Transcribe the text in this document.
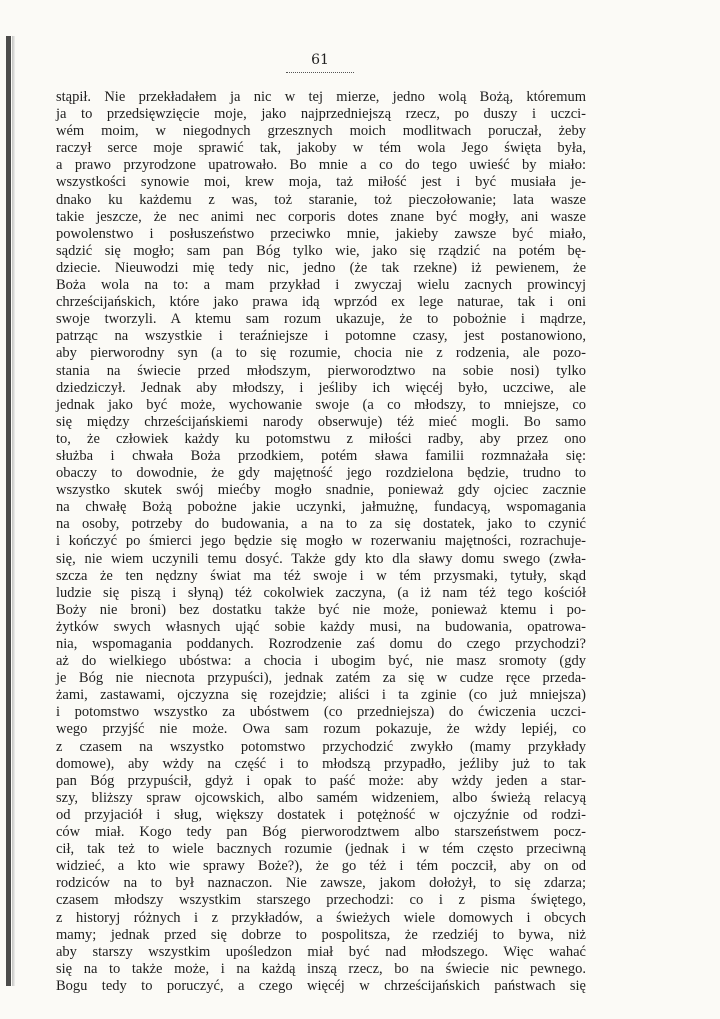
61
stąpił. Nie przekładałem ja nic w tej mierze, jedno wolą Bożą, któremum
ja to przedsięwzięcie moje, jako najprzedniejszą rzecz, po duszy i uczci-
wém moim, w niegodnych grzesznych moich modlitwach poruczał, żeby
raczył serce moje sprawić tak, jakoby w tém wola Jego święta była,
a prawo przyrodzone upatrowało. Bo mnie a co do tego uwieść by miało:
wszystkości synowie moi, krew moja, taż miłość jest i być musiała je-
dnako ku każdemu z was, toż staranie, toż pieczołowanie; lata wasze
takie jeszcze, że nec animi nec corporis dotes znane być mogły, ani wasze
powolenstwo i posłuszeństwo przeciwko mnie, jakieby zawsze być miało,
sądzić się mogło; sam pan Bóg tylko wie, jako się rządzić na potém bę-
dziecie. Nieuwodzi mię tedy nic, jedno (że tak rzekne) iż pewienem, że
Boża wola na to: a mam przykład i zwyczaj wielu zacnych prowincyj
chrześcijańskich, które jako prawa idą wprzód ex lege naturae, tak i oni
swoje tworzyli. A ktemu sam rozum ukazuje, że to pobożnie i mądrze,
patrząc na wszystkie i teraźniejsze i potomne czasy, jest postanowiono,
aby pierworodny syn (a to się rozumie, chocia nie z rodzenia, ale pozo-
stania na świecie przed młodszym, pierworodztwo na sobie nosi) tylko
dziedziczył. Jednak aby młodszy, i jeśliby ich więcéj było, uczciwe, ale
jednak jako być może, wychowanie swoje (a co młodszy, to mniejsze, co
się między chrześcijańskiemi narody obserwuje) téż mieć mogli. Bo samo
to, że człowiek każdy ku potomstwu z miłości radby, aby przez ono
służba i chwała Boża przodkiem, potém sława familii rozmnażała się:
obaczy to dowodnie, że gdy majętność jego rozdzielona będzie, trudno to
wszystko skutek swój miećby mogło snadnie, ponieważ gdy ojciec zacznie
na chwałę Bożą pobożne jakie uczynki, jałmużnę, fundacyą, wspomagania
na osoby, potrzeby do budowania, a na to za się dostatek, jako to czynić
i kończyć po śmierci jego będzie się mogło w rozerwaniu majętności, rozrachuje-
się, nie wiem uczynili temu dosyć. Także gdy kto dla sławy domu swego (zwła-
szcza że ten nędzny świat ma téż swoje i w tém przysmaki, tytuły, skąd
ludzie się piszą i słyną) téż cokolwiek zaczyna, (a iż nam téż tego kościół
Boży nie broni) bez dostatku także być nie może, ponieważ ktemu i po-
żytków swych własnych ująć sobie każdy musi, na budowania, opatrowa-
nia, wspomagania poddanych. Rozrodzenie zaś domu do czego przychodzi?
aż do wielkiego ubóstwa: a chocia i ubogim być, nie masz sromoty (gdy
je Bóg nie niecnota przypuści), jednak zatém za się w cudze ręce przeda-
żami, zastawami, ojczyzna się rozejdzie; aliści i ta zginie (co już mniejsza)
i potomstwo wszystko za ubóstwem (co przedniejsza) do ćwiczenia uczci-
wego przyjść nie może. Owa sam rozum pokazuje, że wżdy lepiéj, co
z czasem na wszystko potomstwo przychodzić zwykło (mamy przykłady
domowe), aby wżdy na część i to młodszą przypadło, jeźliby już to tak
pan Bóg przypuścił, gdyż i opak to paść może: aby wżdy jeden a star-
szy, bliższy spraw ojcowskich, albo samém widzeniem, albo świeżą relacyą
od przyjaciół i sług, większy dostatek i potężność w ojczyźnie od rodzi-
ców miał. Kogo tedy pan Bóg pierworodztwem albo starszeństwem pocz-
cił, tak też to wiele bacznych rozumie (jednak i w tém często przeciwną
widzieć, a kto wie sprawy Boże?), że go téż i tém poczcił, aby on od
rodziców na to był naznaczon. Nie zawsze, jakom dołożył, to się zdarza;
czasem młodszy wszystkim starszego przechodzi: co i z pisma świętego,
z historyj różnych i z przykładów, a świeżych wiele domowych i obcych
mamy; jednak przed się dobrze to pospolitsza, że rzedziéj to bywa, niż
aby starszy wszystkim upośledzon miał być nad młodszego. Więc wahać
się na to także może, i na każdą inszą rzecz, bo na świecie nic pewnego.
Bogu tedy to poruczyć, a czego więcéj w chrześcijańskich państwach się
